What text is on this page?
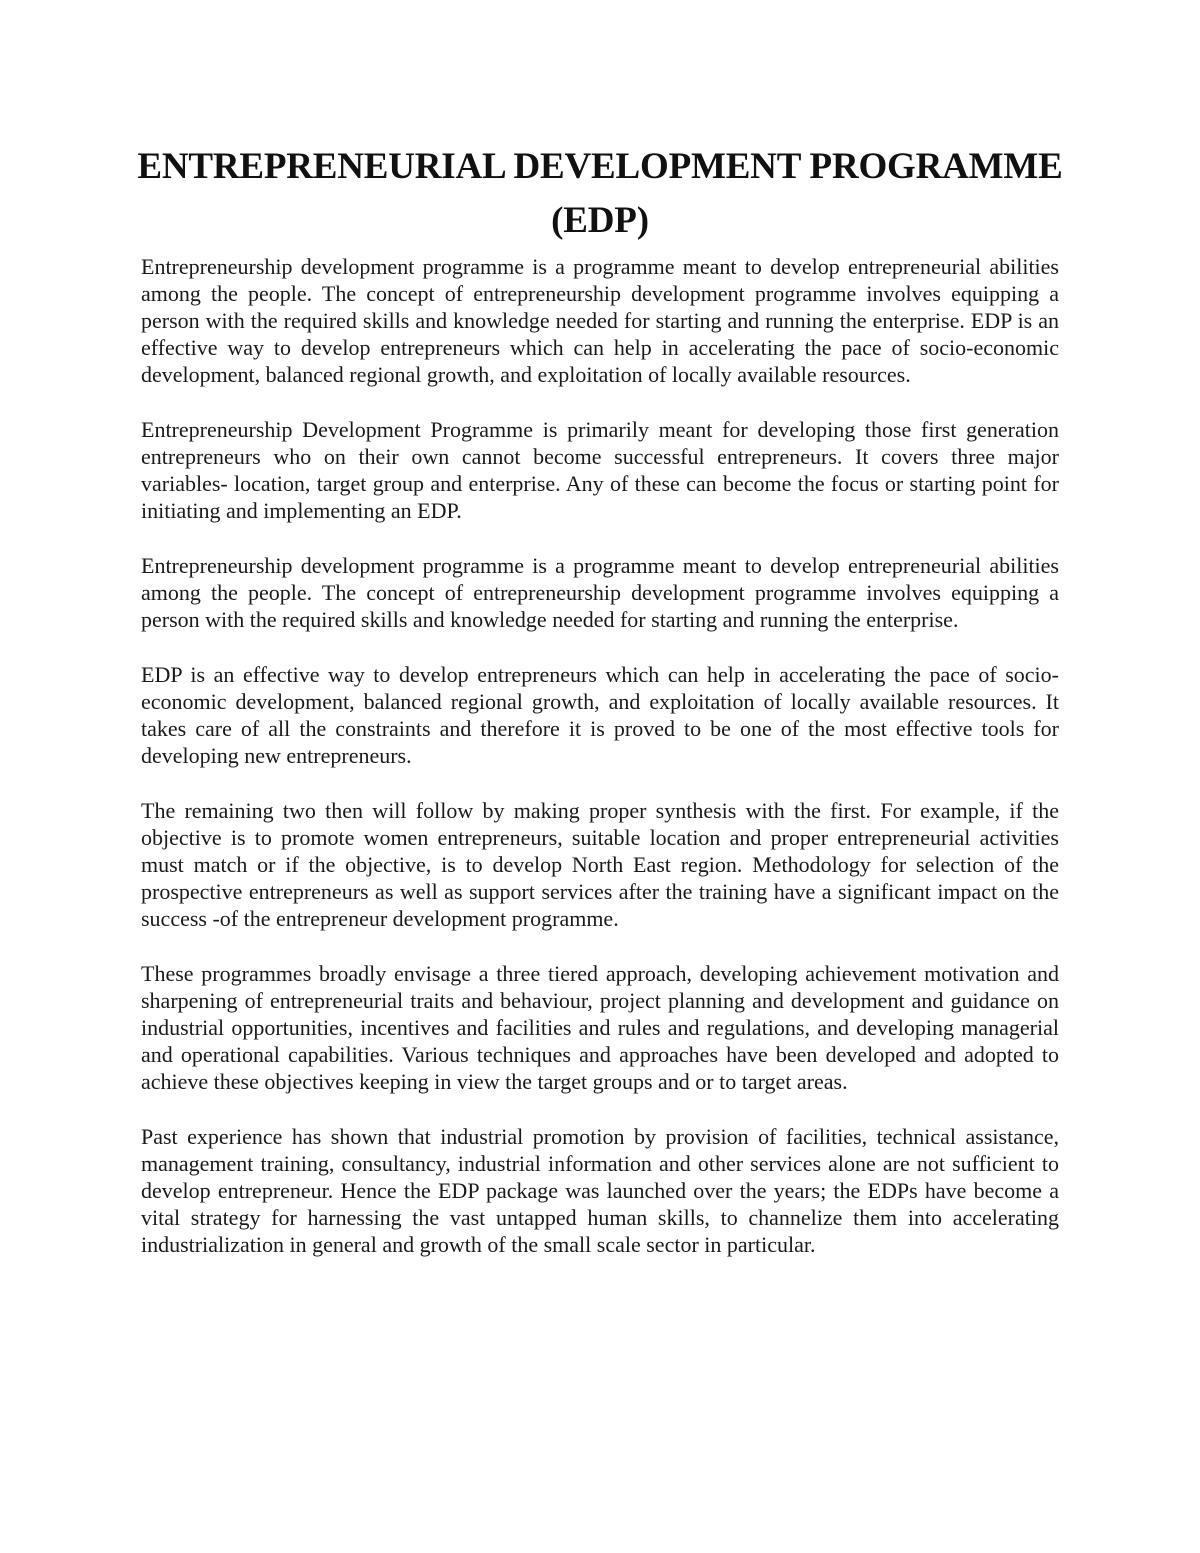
ENTREPRENEURIAL DEVELOPMENT PROGRAMME
(EDP)

Entrepreneurship development programme is a programme meant to develop entrepreneurial abilities among the people. The concept of entrepreneurship development programme involves equipping a person with the required skills and knowledge needed for starting and running the enterprise. EDP is an effective way to develop entrepreneurs which can help in accelerating the pace of socio-economic development, balanced regional growth, and exploitation of locally available resources.

Entrepreneurship Development Programme is primarily meant for developing those first generation entrepreneurs who on their own cannot become successful entrepreneurs. It covers three major variables- location, target group and enterprise. Any of these can become the focus or starting point for initiating and implementing an EDP.

Entrepreneurship development programme is a programme meant to develop entrepreneurial abilities among the people. The concept of entrepreneurship development programme involves equipping a person with the required skills and knowledge needed for starting and running the enterprise.

EDP is an effective way to develop entrepreneurs which can help in accelerating the pace of socio-economic development, balanced regional growth, and exploitation of locally available resources. It takes care of all the constraints and therefore it is proved to be one of the most effective tools for developing new entrepreneurs.

The remaining two then will follow by making proper synthesis with the first. For example, if the objective is to promote women entrepreneurs, suitable location and proper entrepreneurial activities must match or if the objective, is to develop North East region. Methodology for selection of the prospective entrepreneurs as well as support services after the training have a significant impact on the success -of the entrepreneur development programme.

These programmes broadly envisage a three tiered approach, developing achievement motivation and sharpening of entrepreneurial traits and behaviour, project planning and development and guidance on industrial opportunities, incentives and facilities and rules and regulations, and developing managerial and operational capabilities. Various techniques and approaches have been developed and adopted to achieve these objectives keeping in view the target groups and or to target areas.

Past experience has shown that industrial promotion by provision of facilities, technical assistance, management training, consultancy, industrial information and other services alone are not sufficient to develop entrepreneur. Hence the EDP package was launched over the years; the EDPs have become a vital strategy for harnessing the vast untapped human skills, to channelize them into accelerating industrialization in general and growth of the small scale sector in particular.
